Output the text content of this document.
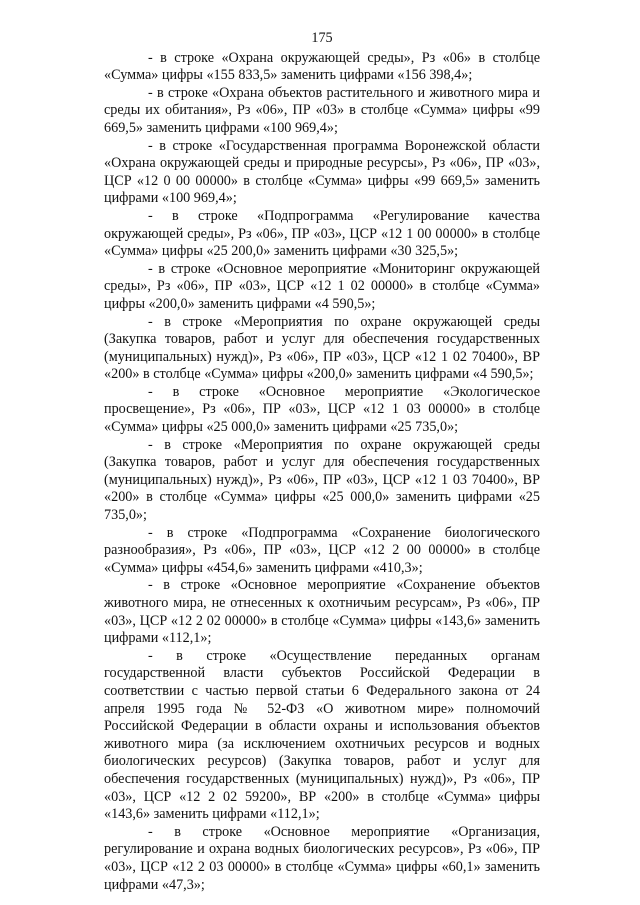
175

- в строке «Охрана окружающей среды», Рз «06» в столбце «Сумма» цифры «155 833,5» заменить цифрами «156 398,4»;

- в строке «Охрана объектов растительного и животного мира и среды их обитания», Рз «06», ПР «03» в столбце «Сумма» цифры «99 669,5» заменить цифрами «100 969,4»;

- в строке «Государственная программа Воронежской области «Охрана окружающей среды и природные ресурсы», Рз «06», ПР «03», ЦСР «12 0 00 00000» в столбце «Сумма» цифры «99 669,5» заменить цифрами «100 969,4»;

- в строке «Подпрограмма «Регулирование качества окружающей среды», Рз «06», ПР «03», ЦСР «12 1 00 00000» в столбце «Сумма» цифры «25 200,0» заменить цифрами «30 325,5»;

- в строке «Основное мероприятие «Мониторинг окружающей среды», Рз «06», ПР «03», ЦСР «12 1 02 00000» в столбце «Сумма» цифры «200,0» заменить цифрами «4 590,5»;

- в строке «Мероприятия по охране окружающей среды (Закупка товаров, работ и услуг для обеспечения государственных (муниципальных) нужд)», Рз «06», ПР «03», ЦСР «12 1 02 70400», ВР «200» в столбце «Сумма» цифры «200,0» заменить цифрами «4 590,5»;

- в строке «Основное мероприятие «Экологическое просвещение», Рз «06», ПР «03», ЦСР «12 1 03 00000» в столбце «Сумма» цифры «25 000,0» заменить цифрами «25 735,0»;

- в строке «Мероприятия по охране окружающей среды (Закупка товаров, работ и услуг для обеспечения государственных (муниципальных) нужд)», Рз «06», ПР «03», ЦСР «12 1 03 70400», ВР «200» в столбце «Сумма» цифры «25 000,0» заменить цифрами «25 735,0»;

- в строке «Подпрограмма «Сохранение биологического разнообразия», Рз «06», ПР «03», ЦСР «12 2 00 00000» в столбце «Сумма» цифры «454,6» заменить цифрами «410,3»;

- в строке «Основное мероприятие «Сохранение объектов животного мира, не отнесенных к охотничьим ресурсам», Рз «06», ПР «03», ЦСР «12 2 02 00000» в столбце «Сумма» цифры «143,6» заменить цифрами «112,1»;

- в строке «Осуществление переданных органам государственной власти субъектов Российской Федерации в соответствии с частью первой статьи 6 Федерального закона от 24 апреля 1995 года № 52-ФЗ «О животном мире» полномочий Российской Федерации в области охраны и использования объектов животного мира (за исключением охотничьих ресурсов и водных биологических ресурсов) (Закупка товаров, работ и услуг для обеспечения государственных (муниципальных) нужд)», Рз «06», ПР «03», ЦСР «12 2 02 59200», ВР «200» в столбце «Сумма» цифры «143,6» заменить цифрами «112,1»;

- в строке «Основное мероприятие «Организация, регулирование и охрана водных биологических ресурсов», Рз «06», ПР «03», ЦСР «12 2 03 00000» в столбце «Сумма» цифры «60,1» заменить цифрами «47,3»;
